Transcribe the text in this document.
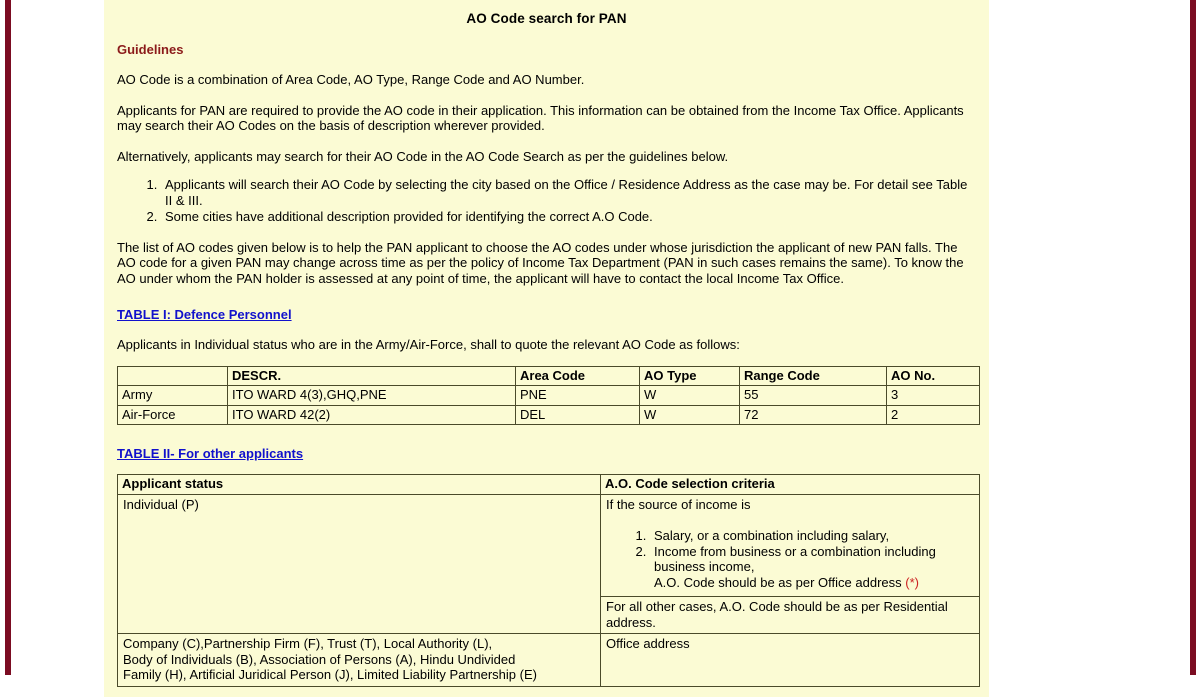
AO Code search for PAN
Guidelines

AO Code is a combination of Area Code, AO Type, Range Code and AO Number.

Applicants for PAN are required to provide the AO code in their application. This information can be obtained from the Income Tax Office. Applicants may search their AO Codes on the basis of description wherever provided.

Alternatively, applicants may search for their AO Code in the AO Code Search as per the guidelines below.

1. Applicants will search their AO Code by selecting the city based on the Office / Residence Address as the case may be. For detail see Table II & III.
2. Some cities have additional description provided for identifying the correct A.O Code.

The list of AO codes given below is to help the PAN applicant to choose the AO codes under whose jurisdiction the applicant of new PAN falls. The AO code for a given PAN may change across time as per the policy of Income Tax Department (PAN in such cases remains the same). To know the AO under whom the PAN holder is assessed at any point of time, the applicant will have to contact the local Income Tax Office.

TABLE I: Defence Personnel

Applicants in Individual status who are in the Army/Air-Force, shall to quote the relevant AO Code as follows:

	DESCR.	Area Code	AO Type	Range Code	AO No.
Army	ITO WARD 4(3),GHQ,PNE	PNE	W	55	3
Air-Force	ITO WARD 42(2)	DEL	W	72	2
TABLE II- For other applicants
Applicant status	A.O. Code selection criteria
Individual (P)	If the source of income is
1. Salary, or a combination including salary,
2. Income from business or a combination including business income,
A.O. Code should be as per Office address (*)

	For all other cases, A.O. Code should be as per Residential address.
Company (C),Partnership Firm (F), Trust (T), Local Authority (L),
Body of Individuals (B), Association of Persons (A), Hindu Undivided
Family (H), Artificial Juridical Person (J), Limited Liability Partnership (E)	Office address
